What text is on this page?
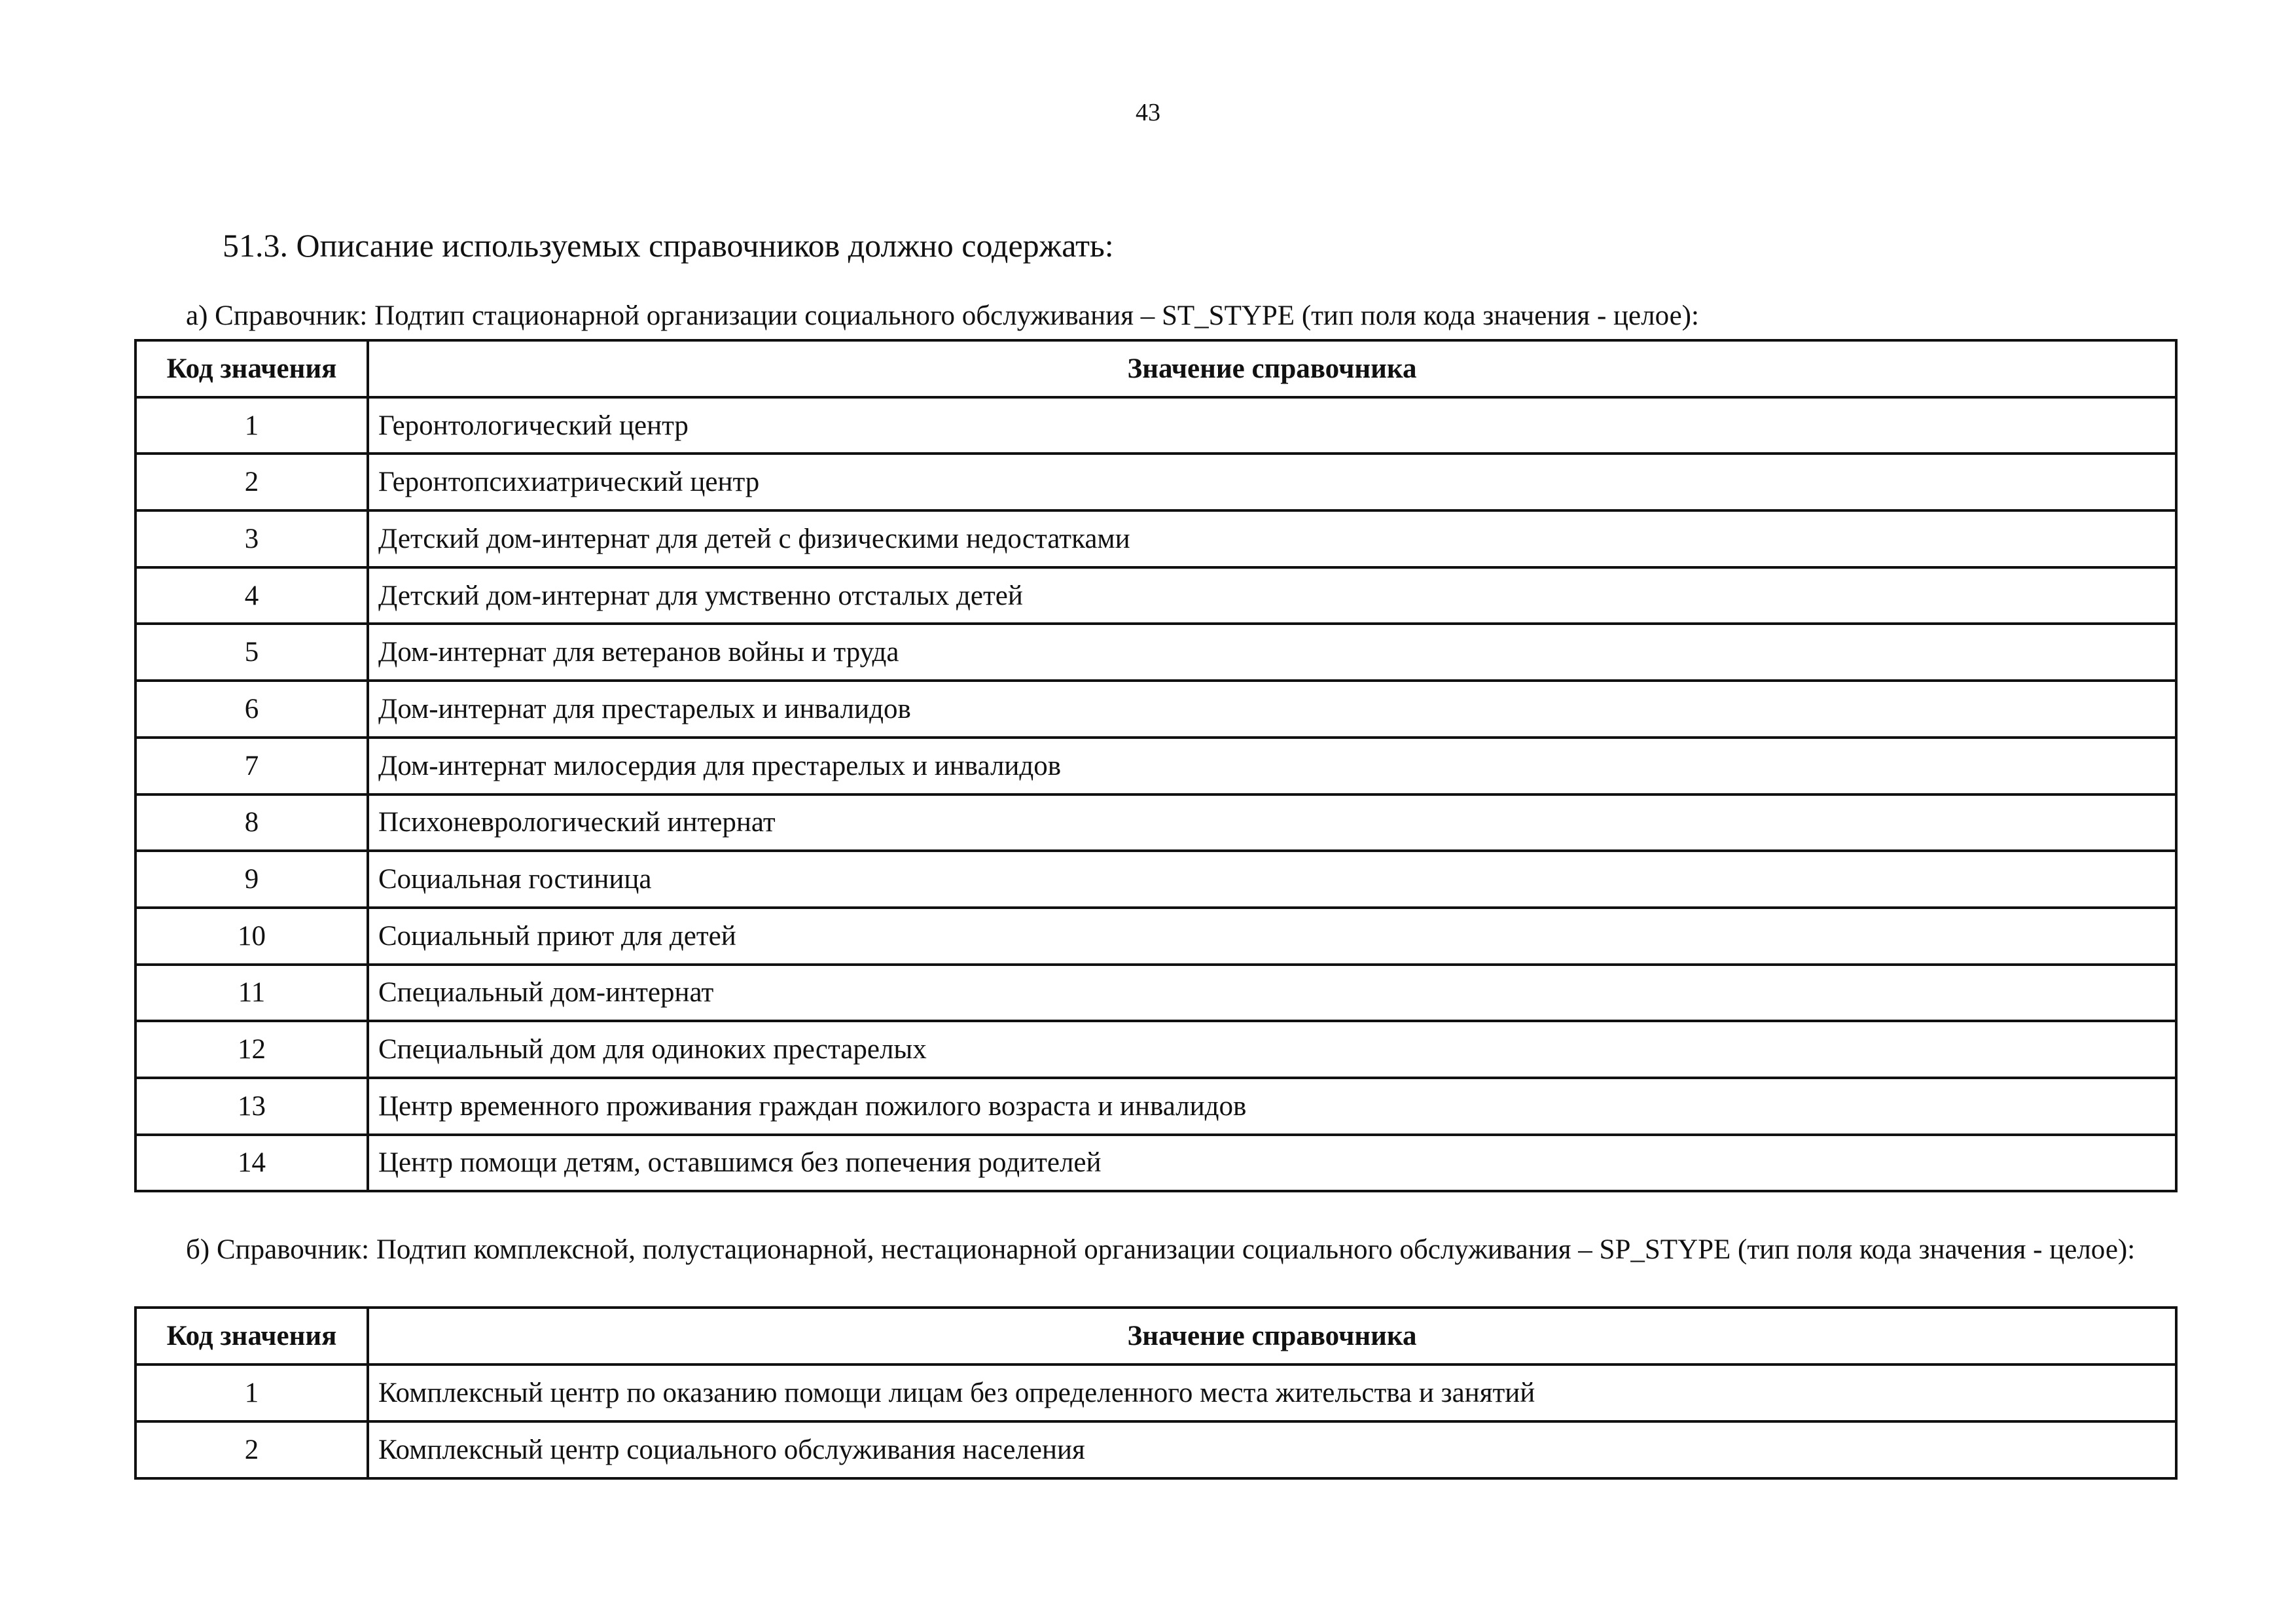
43
51.3. Описание используемых справочников должно содержать:
а) Справочник: Подтип стационарной организации социального обслуживания – ST_STYPE (тип поля кода значения - целое):
Код значения	Значение справочника
1	Геронтологический центр
2	Геронтопсихиатрический центр
3	Детский дом-интернат для детей с физическими недостатками
4	Детский дом-интернат для умственно отсталых детей
5	Дом-интернат для ветеранов войны и труда
6	Дом-интернат для престарелых и инвалидов
7	Дом-интернат милосердия для престарелых и инвалидов
8	Психоневрологический интернат
9	Социальная гостиница
10	Социальный приют для детей
11	Специальный дом-интернат
12	Специальный дом для одиноких престарелых
13	Центр временного проживания граждан пожилого возраста и инвалидов
14	Центр помощи детям, оставшимся без попечения родителей
б) Справочник: Подтип комплексной, полустационарной, нестационарной организации социального обслуживания – SP_STYPE (тип поля кода значения - целое):
Код значения	Значение справочника
1	Комплексный центр по оказанию помощи лицам без определенного места жительства и занятий
2	Комплексный центр социального обслуживания населения
